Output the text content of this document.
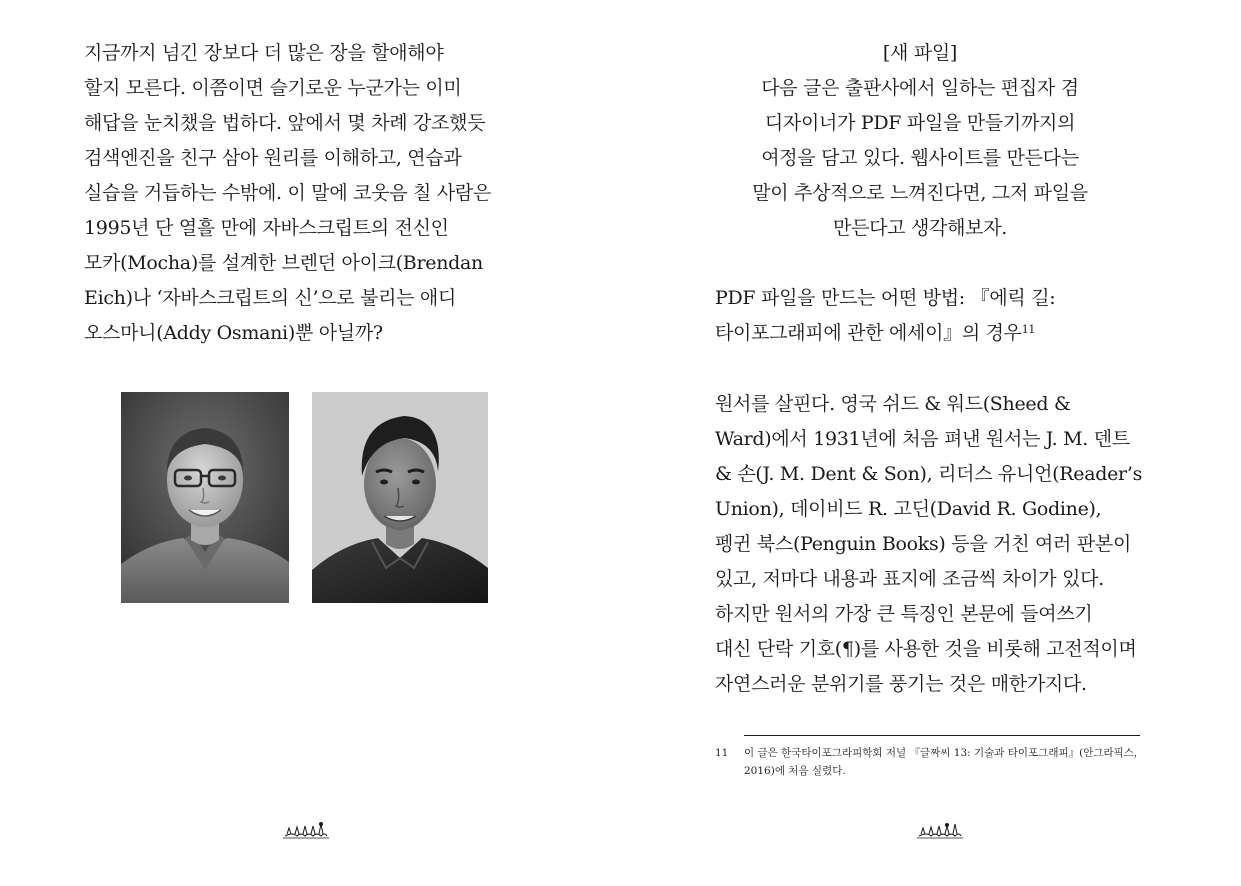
지금까지 넘긴 장보다 더 많은 장을 할애해야
할지 모른다. 이쯤이면 슬기로운 누군가는 이미
해답을 눈치챘을 법하다. 앞에서 몇 차례 강조했듯
검색엔진을 친구 삼아 원리를 이해하고, 연습과
실습을 거듭하는 수밖에. 이 말에 코웃음 칠 사람은
1995년 단 열흘 만에 자바스크립트의 전신인
모카(Mocha)를 설계한 브렌던 아이크(Brendan
Eich)나 ‘자바스크립트의 신’으로 불리는 애디
오스마니(Addy Osmani)뿐 아닐까?

[새 파일]
다음 글은 출판사에서 일하는 편집자 겸
디자이너가 PDF 파일을 만들기까지의
여정을 담고 있다. 웹사이트를 만든다는
말이 추상적으로 느껴진다면, 그저 파일을
만든다고 생각해보자.
PDF 파일을 만드는 어떤 방법: 『에릭 길:
타이포그래피에 관한 에세이』의 경우$^{11}$
원서를 살핀다. 영국 쉬드 & 워드(Sheed &
Ward)에서 1931년에 처음 펴낸 원서는 J. M. 덴트
& 손(J. M. Dent & Son), 리더스 유니언(Reader’s
Union), 데이비드 R. 고딘(David R. Godine),
펭귄 북스(Penguin Books) 등을 거친 여러 판본이
있고, 저마다 내용과 표지에 조금씩 차이가 있다.
하지만 원서의 가장 큰 특징인 본문에 들여쓰기
대신 단락 기호(¶)를 사용한 것을 비롯해 고전적이며
자연스러운 분위기를 풍기는 것은 매한가지다.
11 이 글은 한국타이포그라피학회 저널 『글짜씨 13: 기술과 타이포그래피』(안그라픽스,
2016)에 처음 실렸다.
